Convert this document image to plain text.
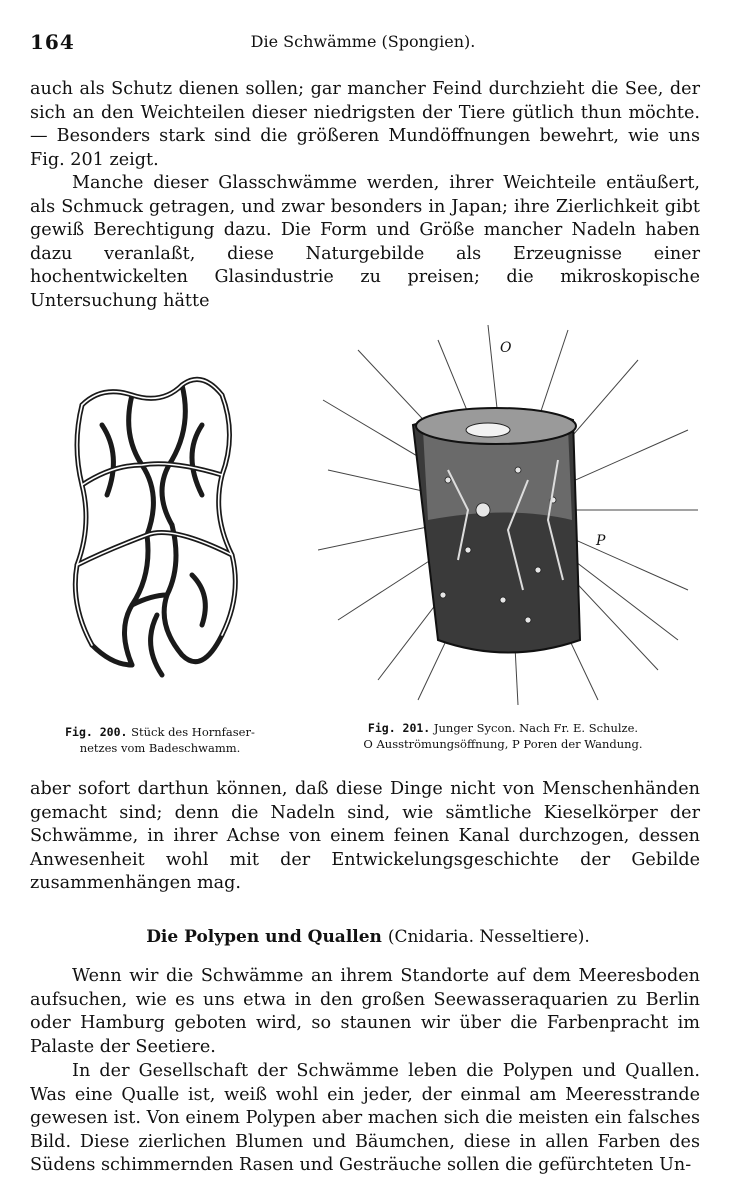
164	Die Schwämme (Spongien).

auch als Schutz dienen sollen; gar mancher Feind durchzieht die See, der sich an den Weichteilen dieser niedrigsten der Tiere gütlich thun möchte. — Besonders stark sind die größeren Mundöffnungen bewehrt, wie uns Fig. 201 zeigt.

Manche dieser Glasschwämme werden, ihrer Weichteile entäußert, als Schmuck getragen, und zwar besonders in Japan; ihre Zierlichkeit gibt gewiß Berechtigung dazu. Die Form und Größe mancher Nadeln haben dazu veranlaßt, diese Naturgebilde als Erzeugnisse einer hochentwickelten Glasindustrie zu preisen; die mikroskopische Untersuchung hätte

O
P

Fig. 200. Stück des Hornfaser-
netzes vom Badeschwamm.

Fig. 201. Junger Sycon. Nach Fr. E. Schulze.
O Ausströmungsöffnung, P Poren der Wandung.

aber sofort darthun können, daß diese Dinge nicht von Menschenhänden gemacht sind; denn die Nadeln sind, wie sämtliche Kieselkörper der Schwämme, in ihrer Achse von einem feinen Kanal durchzogen, dessen Anwesenheit wohl mit der Entwickelungsgeschichte der Gebilde zusammenhängen mag.

Die Polypen und Quallen (Cnidaria. Nesseltiere).

Wenn wir die Schwämme an ihrem Standorte auf dem Meeresboden aufsuchen, wie es uns etwa in den großen Seewasseraquarien zu Berlin oder Hamburg geboten wird, so staunen wir über die Farbenpracht im Palaste der Seetiere.

In der Gesellschaft der Schwämme leben die Polypen und Quallen. Was eine Qualle ist, weiß wohl ein jeder, der einmal am Meeresstrande gewesen ist. Von einem Polypen aber machen sich die meisten ein falsches Bild. Diese zierlichen Blumen und Bäumchen, diese in allen Farben des Südens schimmernden Rasen und Gesträuche sollen die gefürchteten Un-
